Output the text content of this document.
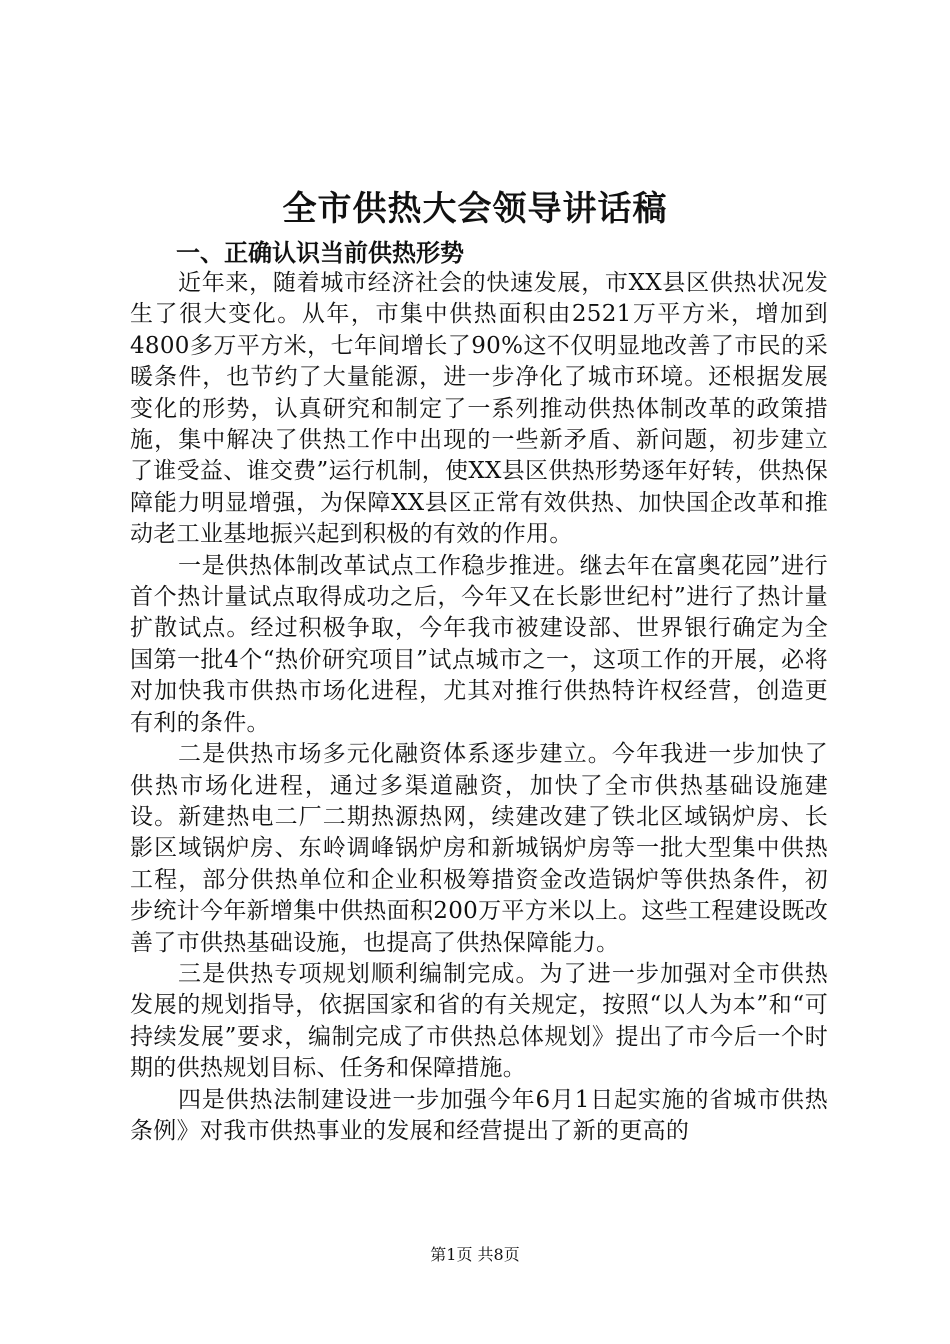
全市供热大会领导讲话稿
一、正确认识当前供热形势

近年来，随着城市经济社会的快速发展，市XX县区供热状况发生了很大变化。从年，市集中供热面积由2521万平方米，增加到4800多万平方米，七年间增长了90%这不仅明显地改善了市民的采暖条件，也节约了大量能源，进一步净化了城市环境。还根据发展变化的形势，认真研究和制定了一系列推动供热体制改革的政策措施，集中解决了供热工作中出现的一些新矛盾、新问题，初步建立了谁受益、谁交费”运行机制，使XX县区供热形势逐年好转，供热保障能力明显增强，为保障XX县区正常有效供热、加快国企改革和推动老工业基地振兴起到积极的有效的作用。

一是供热体制改革试点工作稳步推进。继去年在富奥花园”进行首个热计量试点取得成功之后，今年又在长影世纪村”进行了热计量扩散试点。经过积极争取，今年我市被建设部、世界银行确定为全国第一批4个“热价研究项目”试点城市之一，这项工作的开展，必将对加快我市供热市场化进程，尤其对推行供热特许权经营，创造更有利的条件。

二是供热市场多元化融资体系逐步建立。今年我进一步加快了供热市场化进程，通过多渠道融资，加快了全市供热基础设施建设。新建热电二厂二期热源热网，续建改建了铁北区域锅炉房、长影区域锅炉房、东岭调峰锅炉房和新城锅炉房等一批大型集中供热工程，部分供热单位和企业积极筹措资金改造锅炉等供热条件，初步统计今年新增集中供热面积200万平方米以上。这些工程建设既改善了市供热基础设施，也提高了供热保障能力。

三是供热专项规划顺利编制完成。为了进一步加强对全市供热发展的规划指导，依据国家和省的有关规定，按照“以人为本”和“可持续发展”要求，编制完成了市供热总体规划》提出了市今后一个时期的供热规划目标、任务和保障措施。

四是供热法制建设进一步加强今年6月1日起实施的省城市供热条例》对我市供热事业的发展和经营提出了新的更高的

第1页 共8页
